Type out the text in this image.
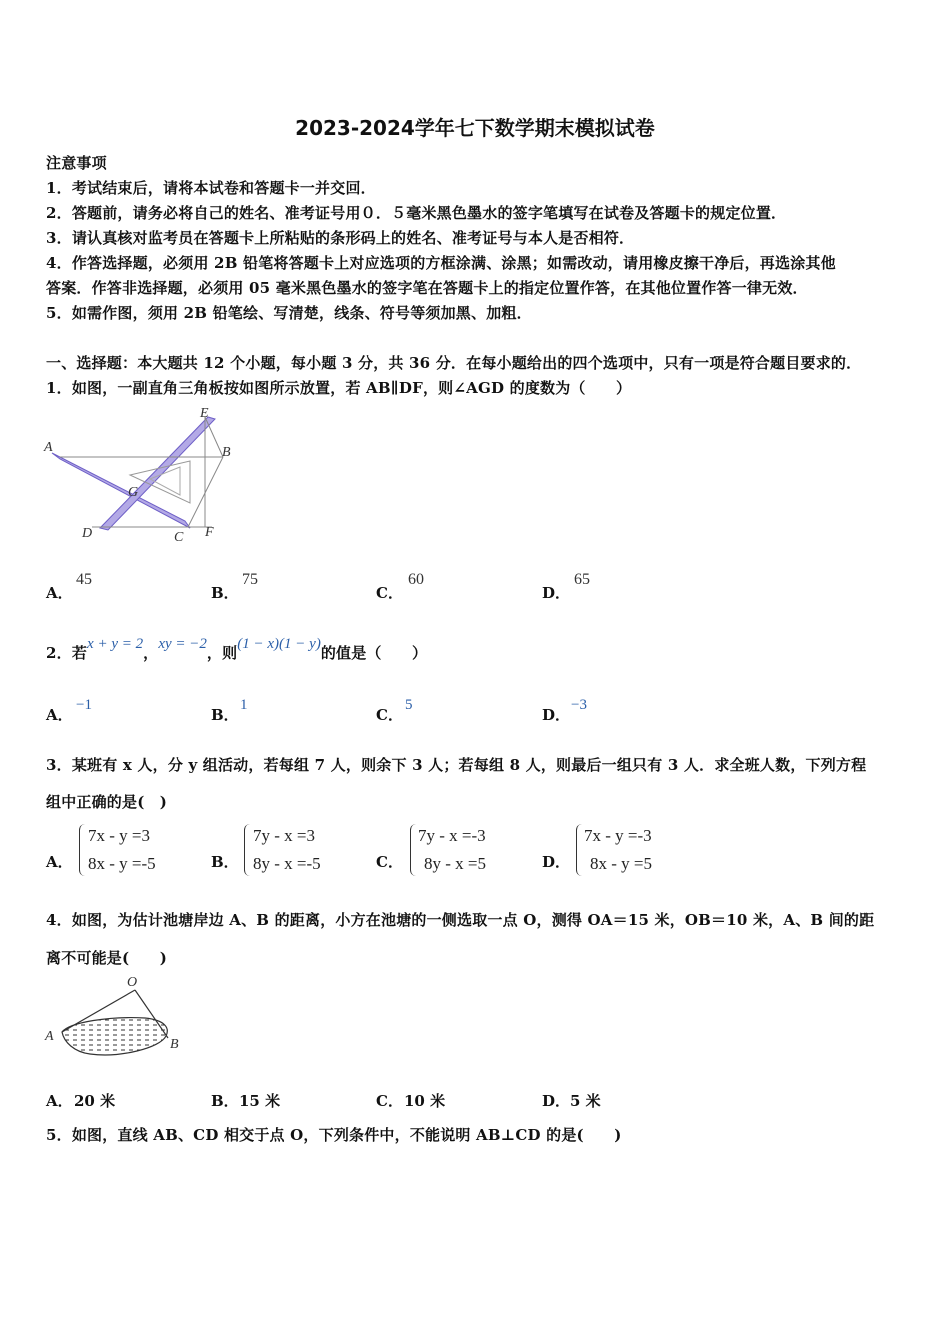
2023-2024学年七下数学期末模拟试卷
注意事项
1．考试结束后，请将本试卷和答题卡一并交回．
2．答题前，请务必将自己的姓名、准考证号用０．５毫米黑色墨水的签字笔填写在试卷及答题卡的规定位置．
3．请认真核对监考员在答题卡上所粘贴的条形码上的姓名、准考证号与本人是否相符．
4．作答选择题，必须用 2B 铅笔将答题卡上对应选项的方框涂满、涂黑；如需改动，请用橡皮擦干净后，再选涂其他
答案．作答非选择题，必须用 05 毫米黑色墨水的签字笔在答题卡上的指定位置作答，在其他位置作答一律无效．
5．如需作图，须用 2B 铅笔绘、写清楚，线条、符号等须加黑、加粗．
一、选择题：本大题共 12 个小题，每小题 3 分，共 36 分．在每小题给出的四个选项中，只有一项是符合题目要求的．
1．如图，一副直角三角板按如图所示放置，若 AB∥DF，则∠AGD 的度数为（　　）
A
E
B
G
D	C F
A．
45
B．
75
C．
60
D．
65
2．若 x + y = 2 ， xy = −2 ，则 (1 − x)(1 − y) 的值是（　　）
A．
−1
B．
1
C．
5
D．
−3
3．某班有 x 人，分 y 组活动，若每组 7 人，则余下 3 人；若每组 8 人，则最后一组只有 3 人．求全班人数，下列方程
组中正确的是(　)
A．
7x - y =3
8x - y =-5	B．
7y - x =3
8y - x =-5	C．
7y - x =-3
8y - x =5	D．
7x - y =-3
8x - y =5
4．如图，为估计池塘岸边 A、B 的距离，小方在池塘的一侧选取一点 O，测得 OA＝15 米，OB＝10 米，A、B 间的距
离不可能是(　　)
O
A
B
A． 20 米	B． 15 米	C． 10 米	D． 5 米
5．如图，直线 AB、CD 相交于点 O，下列条件中，不能说明 AB⊥CD 的是(　　)
